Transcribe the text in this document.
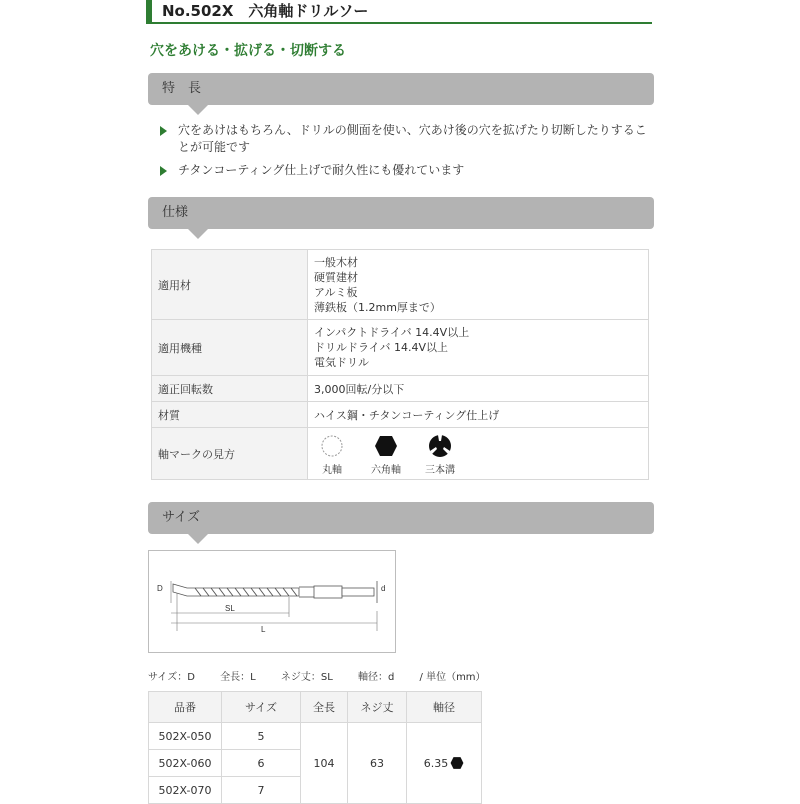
No.502X　六角軸ドリルソー
穴をあける・拡げる・切断する
特　長
穴をあけはもちろん、ドリルの側面を使い、穴あけ後の穴を拡げたり切断したりすることが可能です
チタンコーティング仕上げで耐久性にも優れています
仕様
適用材	一般木材
硬質建材
アルミ板
薄鉄板（1.2mm厚まで）

適用機種	インパクトドライバ 14.4V以上
ドリルドライバ 14.4V以上
電気ドリル

適正回転数	3,000回転/分以下
材質	ハイス鋼・チタンコーティング仕上げ
軸マークの見方	丸軸 六角軸 三本溝
サイズ
D
SL
L
d
サイズ：D	全長：L	ネジ丈：SL	軸径：d	/ 単位（mm）
品番	サイズ	全長	ネジ丈	軸径
502X-050	5	104	63	6.35

502X-060	6			
502X-070	7			
